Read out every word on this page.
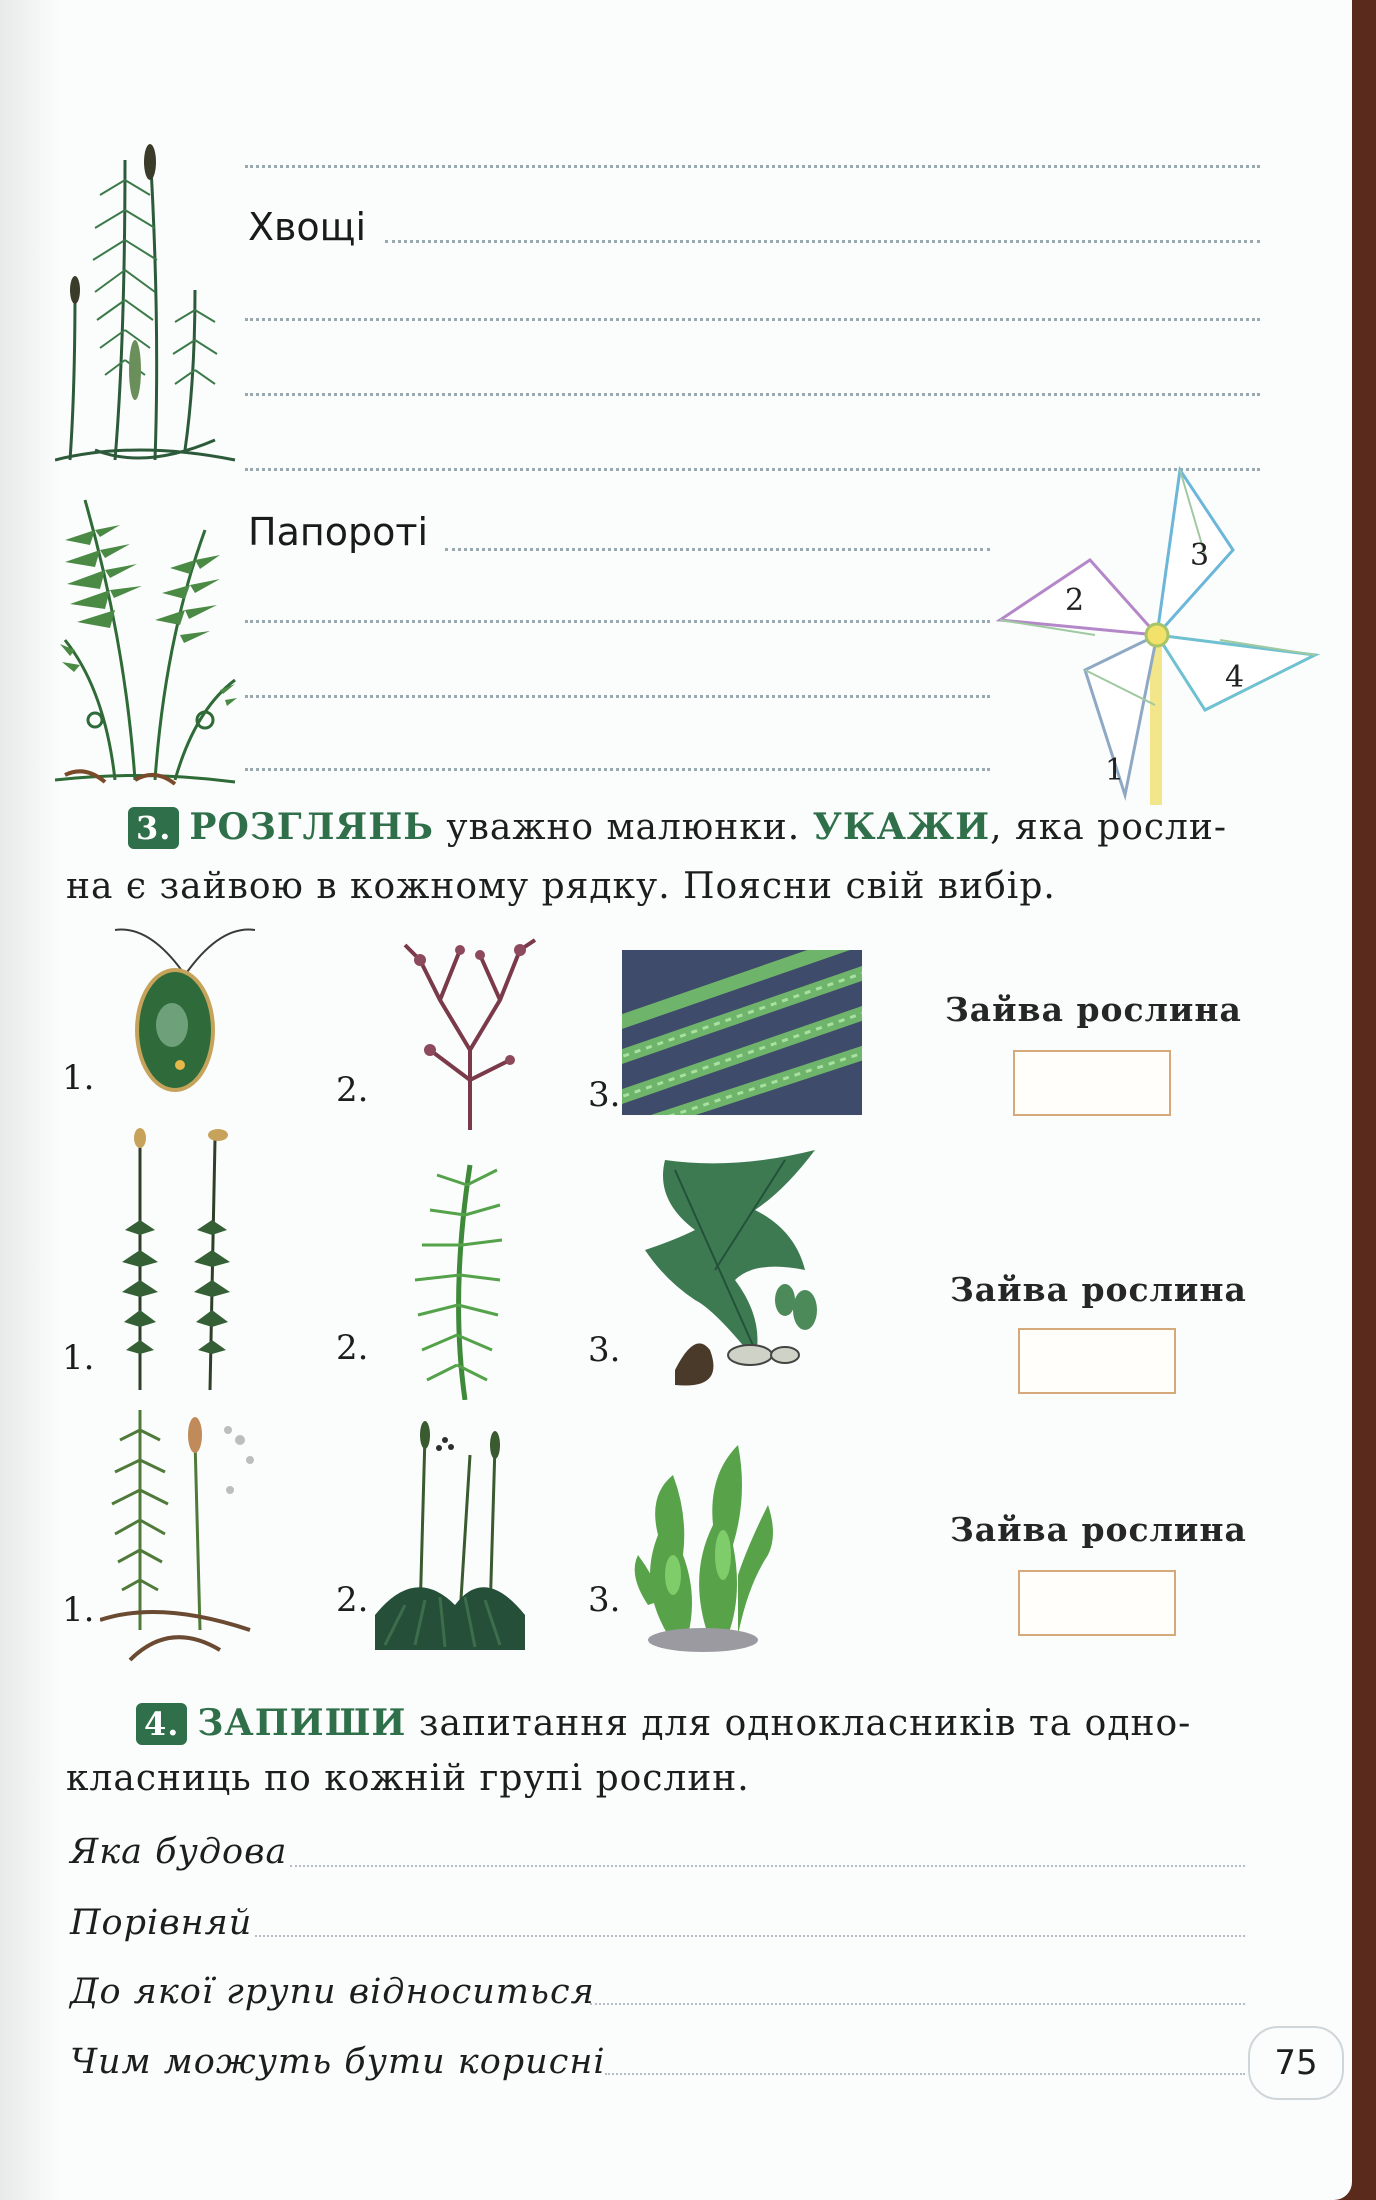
Хвощі
Папороті
1
2
3
4
3. РОЗГЛЯНЬ уважно малюнки. УКАЖИ, яка росли-
на є зайвою в кожному рядку. Поясни свій вибір.
1.	2.	3.
Зайва рослина
1.	2.	3.
Зайва рослина
1.	2.	3.
Зайва рослина
4. ЗАПИШИ запитання для однокласників та одно-
класниць по кожній групі рослин.
Яка будова
Порівняй
До якої групи відноситься
Чим можуть бути корисні	75
